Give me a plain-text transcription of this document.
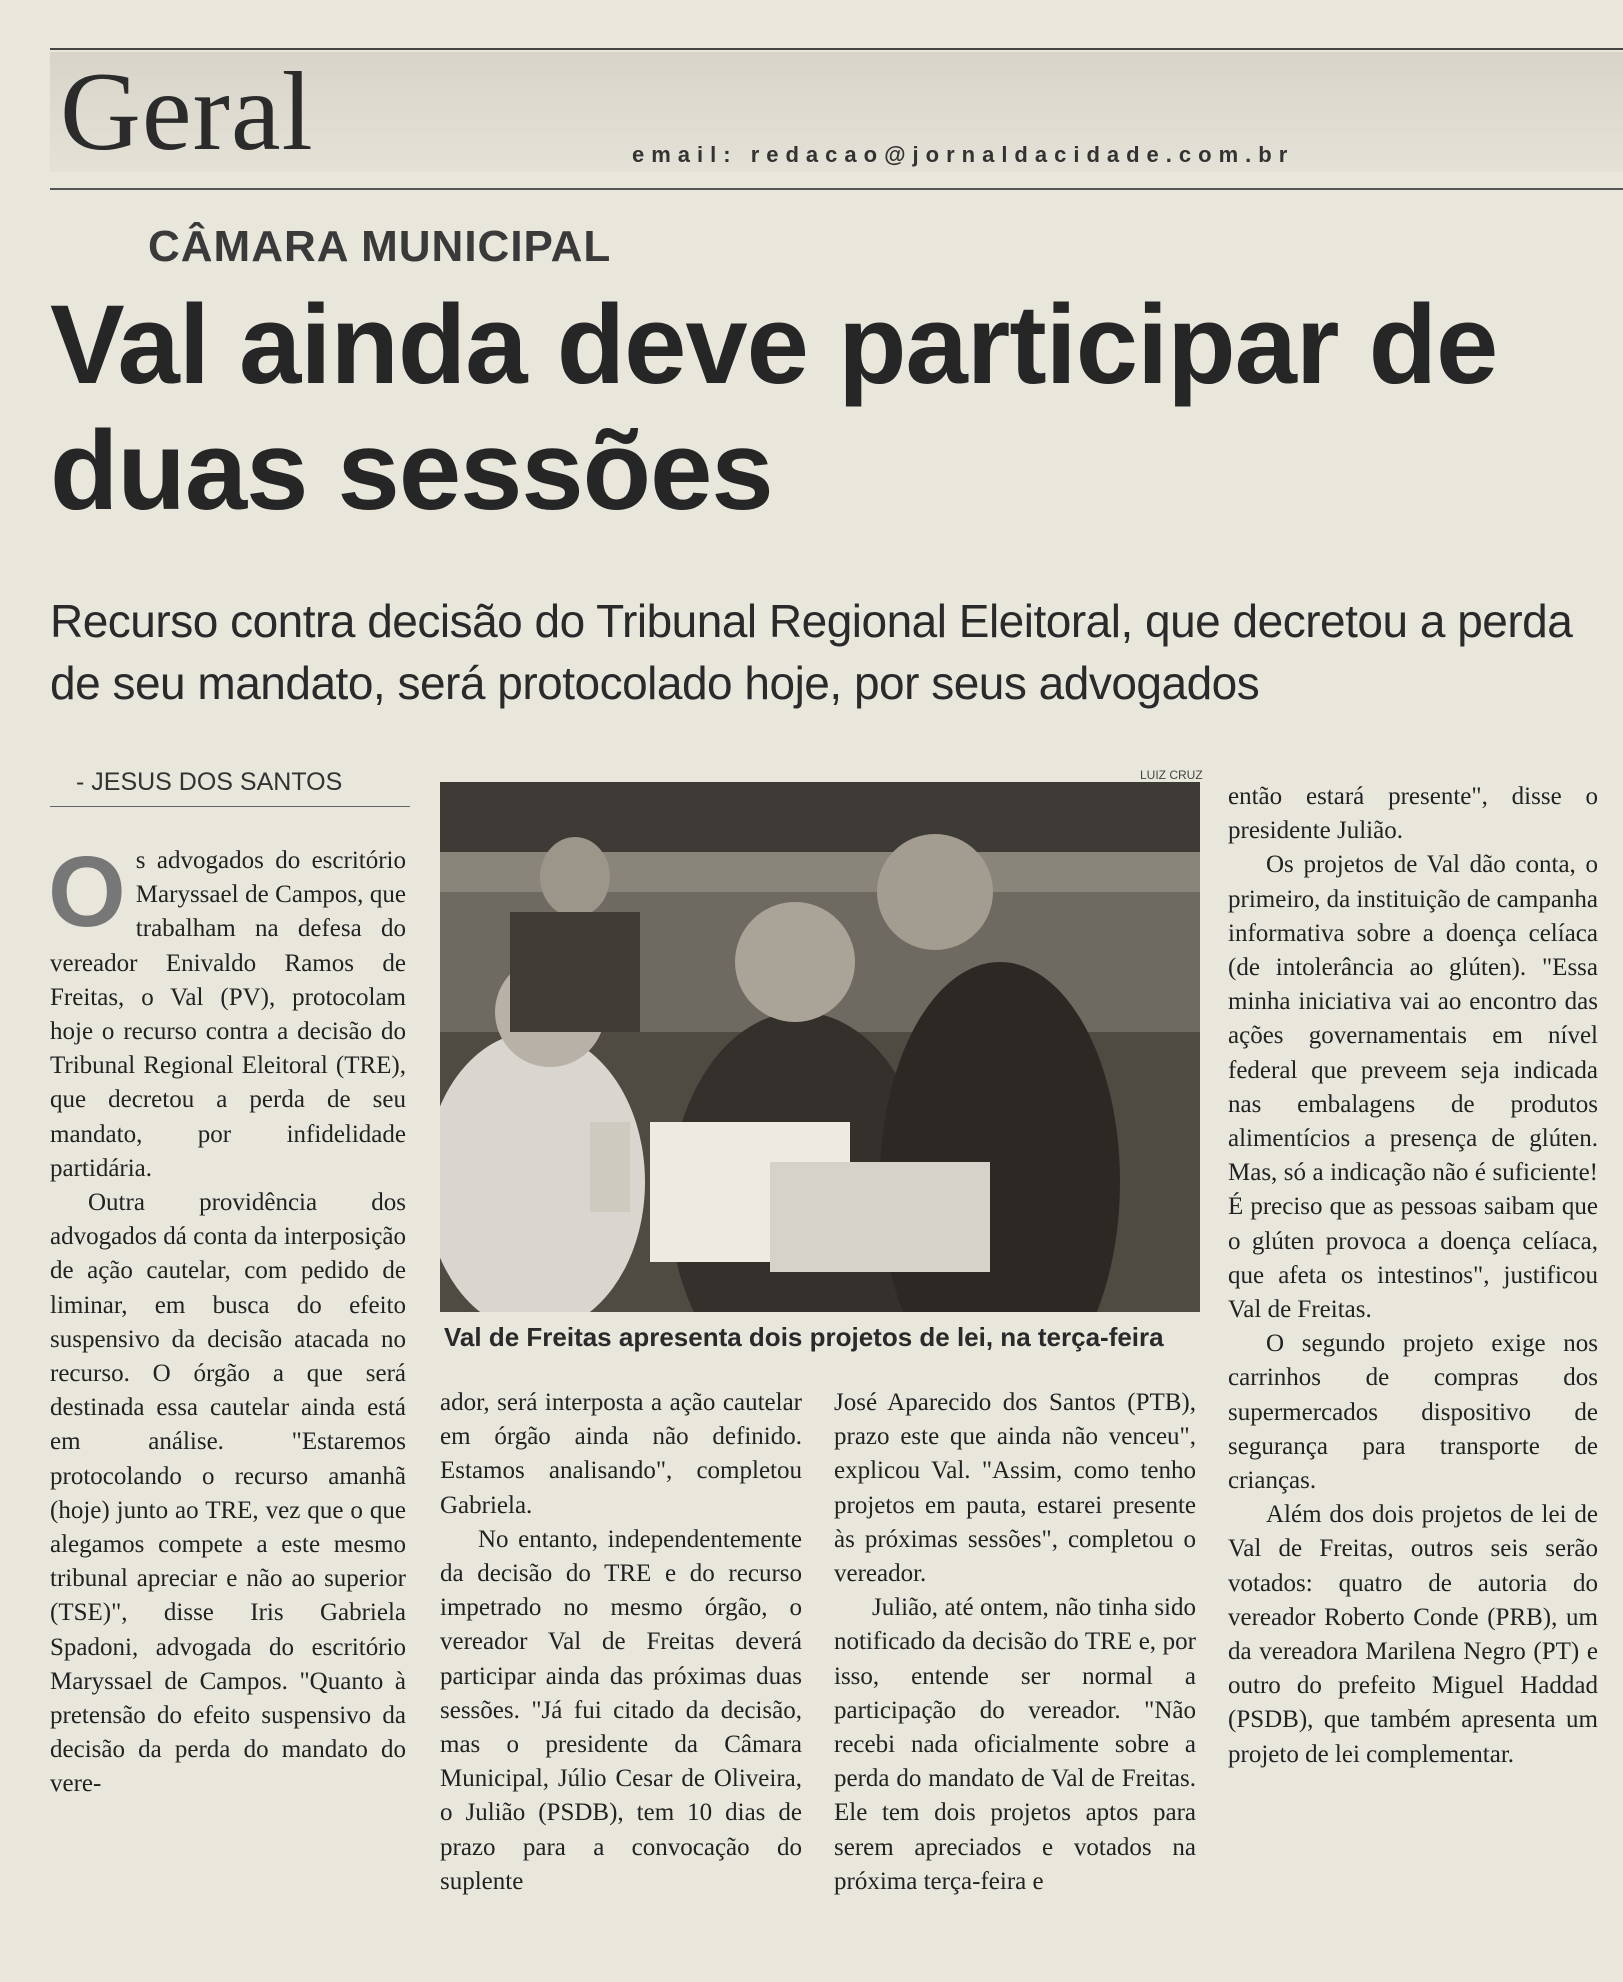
Geral	email: redacao@jornaldacidade.com.br
CÂMARA MUNICIPAL
Val ainda deve participar de duas sessões
Recurso contra decisão do Tribunal Regional Eleitoral, que decretou a perda de seu mandato, será protocolado hoje, por seus advogados
- JESUS DOS SANTOS

Os advogados do escritório Maryssael de Campos, que trabalham na defesa do vereador Enivaldo Ramos de Freitas, o Val (PV), protocolam hoje o recurso contra a decisão do Tribunal Regional Eleitoral (TRE), que decretou a perda de seu mandato, por infidelidade partidária.

Outra providência dos advogados dá conta da interposição de ação cautelar, com pedido de liminar, em busca do efeito suspensivo da decisão atacada no recurso. O órgão a que será destinada essa cautelar ainda está em análise. "Estaremos protocolando o recurso amanhã (hoje) junto ao TRE, vez que o que alegamos compete a este mesmo tribunal apreciar e não ao superior (TSE)", disse Iris Gabriela Spadoni, advogada do escritório Maryssael de Campos. "Quanto à pretensão do efeito suspensivo da decisão da perda do mandato do vere-

LUIZ CRUZ
Val de Freitas apresenta dois projetos de lei, na terça-feira

ador, será interposta a ação cautelar em órgão ainda não definido. Estamos analisando", completou Gabriela.

No entanto, independentemente da decisão do TRE e do recurso impetrado no mesmo órgão, o vereador Val de Freitas deverá participar ainda das próximas duas sessões. "Já fui citado da decisão, mas o presidente da Câmara Municipal, Júlio Cesar de Oliveira, o Julião (PSDB), tem 10 dias de prazo para a convocação do suplente

José Aparecido dos Santos (PTB), prazo este que ainda não venceu", explicou Val. "Assim, como tenho projetos em pauta, estarei presente às próximas sessões", completou o vereador.

Julião, até ontem, não tinha sido notificado da decisão do TRE e, por isso, entende ser normal a participação do vereador. "Não recebi nada oficialmente sobre a perda do mandato de Val de Freitas. Ele tem dois projetos aptos para serem apreciados e votados na próxima terça-feira e

então estará presente", disse o presidente Julião.

Os projetos de Val dão conta, o primeiro, da instituição de campanha informativa sobre a doença celíaca (de intolerância ao glúten). "Essa minha iniciativa vai ao encontro das ações governamentais em nível federal que preveem seja indicada nas embalagens de produtos alimentícios a presença de glúten. Mas, só a indicação não é suficiente! É preciso que as pessoas saibam que o glúten provoca a doença celíaca, que afeta os intestinos", justificou Val de Freitas.

O segundo projeto exige nos carrinhos de compras dos supermercados dispositivo de segurança para transporte de crianças.

Além dos dois projetos de lei de Val de Freitas, outros seis serão votados: quatro de autoria do vereador Roberto Conde (PRB), um da vereadora Marilena Negro (PT) e outro do prefeito Miguel Haddad (PSDB), que também apresenta um projeto de lei complementar.
